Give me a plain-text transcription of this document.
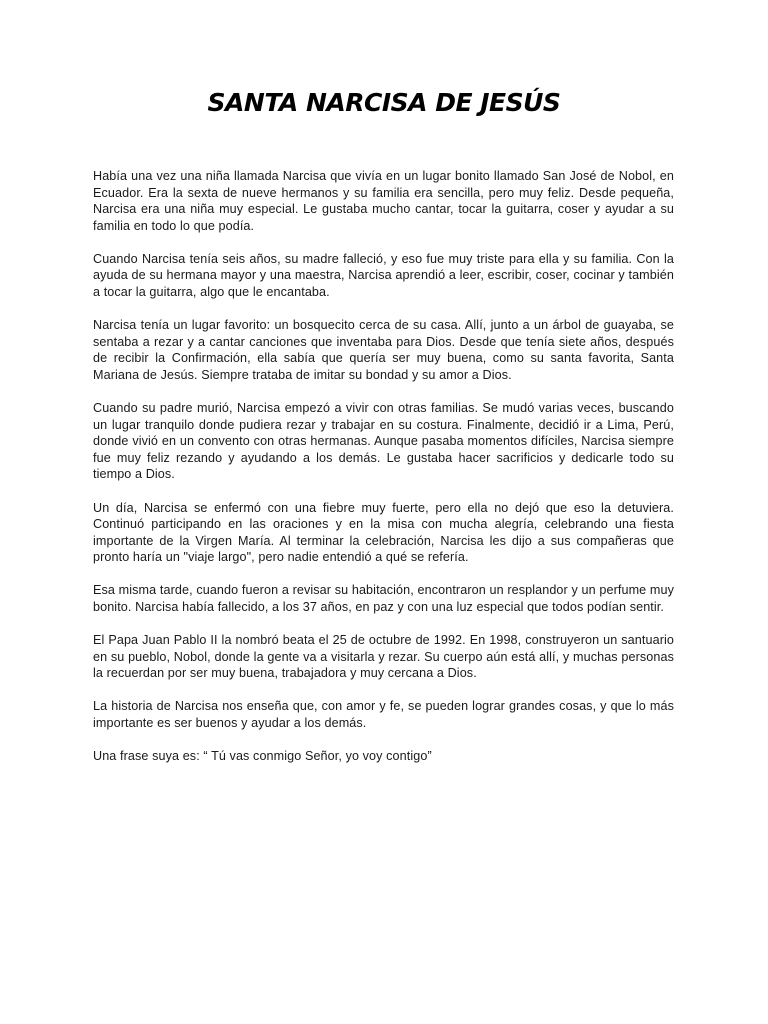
SANTA NARCISA DE JESÚS

Había una vez una niña llamada Narcisa que vivía en un lugar bonito llamado San José de Nobol, en Ecuador. Era la sexta de nueve hermanos y su familia era sencilla, pero muy feliz. Desde pequeña, Narcisa era una niña muy especial. Le gustaba mucho cantar, tocar la guitarra, coser y ayudar a su familia en todo lo que podía.

Cuando Narcisa tenía seis años, su madre falleció, y eso fue muy triste para ella y su familia. Con la ayuda de su hermana mayor y una maestra, Narcisa aprendió a leer, escribir, coser, cocinar y también a tocar la guitarra, algo que le encantaba.

Narcisa tenía un lugar favorito: un bosquecito cerca de su casa. Allí, junto a un árbol de guayaba, se sentaba a rezar y a cantar canciones que inventaba para Dios. Desde que tenía siete años, después de recibir la Confirmación, ella sabía que quería ser muy buena, como su santa favorita, Santa Mariana de Jesús. Siempre trataba de imitar su bondad y su amor a Dios.

Cuando su padre murió, Narcisa empezó a vivir con otras familias. Se mudó varias veces, buscando un lugar tranquilo donde pudiera rezar y trabajar en su costura. Finalmente, decidió ir a Lima, Perú, donde vivió en un convento con otras hermanas. Aunque pasaba momentos difíciles, Narcisa siempre fue muy feliz rezando y ayudando a los demás. Le gustaba hacer sacrificios y dedicarle todo su tiempo a Dios.

Un día, Narcisa se enfermó con una fiebre muy fuerte, pero ella no dejó que eso la detuviera. Continuó participando en las oraciones y en la misa con mucha alegría, celebrando una fiesta importante de la Virgen María. Al terminar la celebración, Narcisa les dijo a sus compañeras que pronto haría un "viaje largo", pero nadie entendió a qué se refería.

Esa misma tarde, cuando fueron a revisar su habitación, encontraron un resplandor y un perfume muy bonito. Narcisa había fallecido, a los 37 años, en paz y con una luz especial que todos podían sentir.

El Papa Juan Pablo II la nombró beata el 25 de octubre de 1992. En 1998, construyeron un santuario en su pueblo, Nobol, donde la gente va a visitarla y rezar. Su cuerpo aún está allí, y muchas personas la recuerdan por ser muy buena, trabajadora y muy cercana a Dios.

La historia de Narcisa nos enseña que, con amor y fe, se pueden lograr grandes cosas, y que lo más importante es ser buenos y ayudar a los demás.

Una frase suya es: “ Tú vas conmigo Señor, yo voy contigo”
